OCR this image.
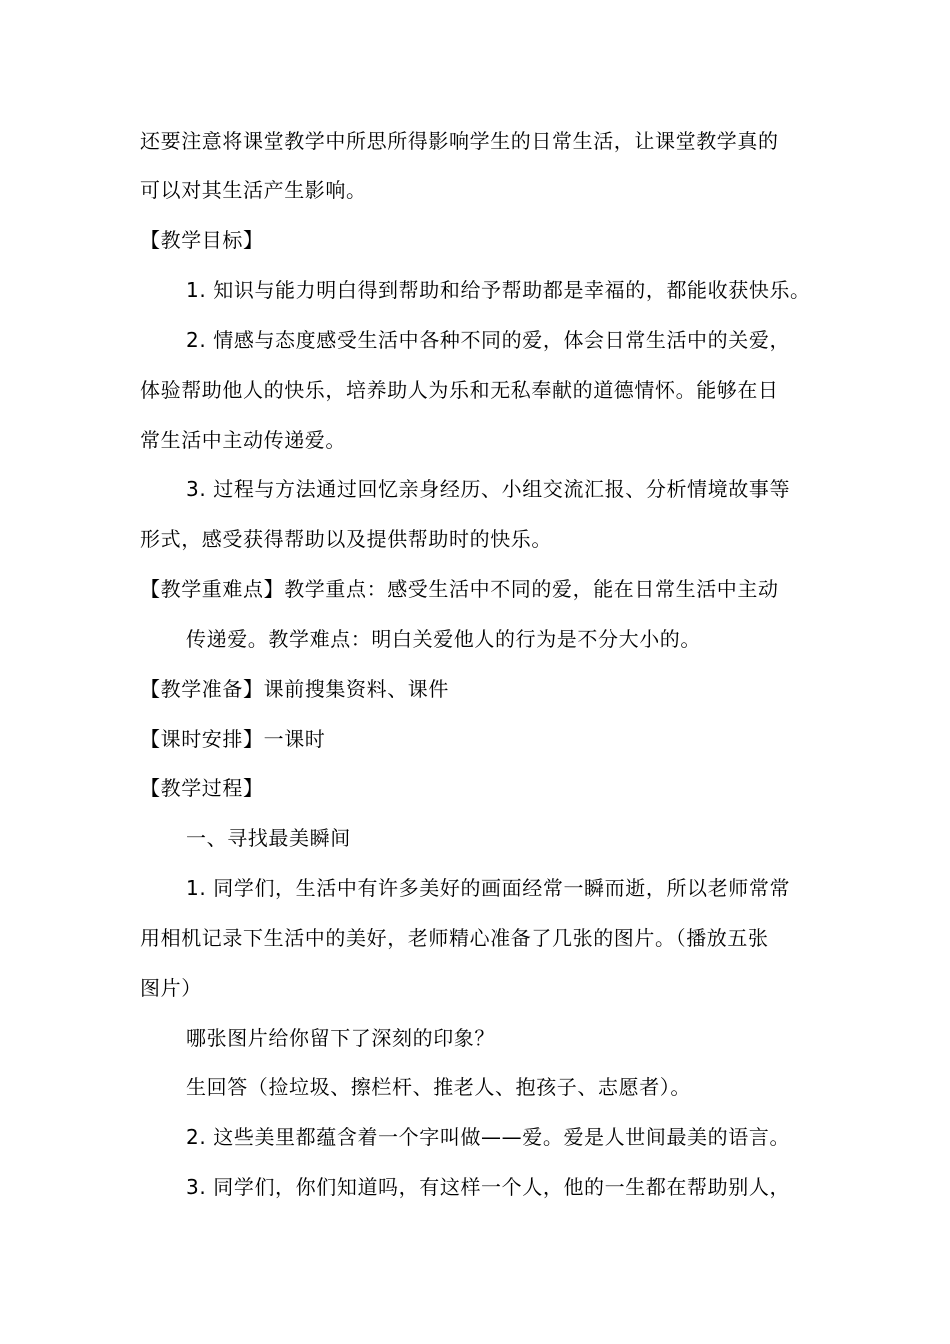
还要注意将课堂教学中所思所得影响学生的日常生活，让课堂教学真的
可以对其生活产生影响。
【教学目标】
1. 知识与能力明白得到帮助和给予帮助都是幸福的，都能收获快乐。
2. 情感与态度感受生活中各种不同的爱，体会日常生活中的关爱，
体验帮助他人的快乐，培养助人为乐和无私奉献的道德情怀。能够在日
常生活中主动传递爱。
3. 过程与方法通过回忆亲身经历、小组交流汇报、分析情境故事等
形式，感受获得帮助以及提供帮助时的快乐。
【教学重难点】教学重点：感受生活中不同的爱，能在日常生活中主动
传递爱。教学难点：明白关爱他人的行为是不分大小的。
【教学准备】课前搜集资料、课件
【课时安排】一课时
【教学过程】
一、寻找最美瞬间
1. 同学们，生活中有许多美好的画面经常一瞬而逝，所以老师常常
用相机记录下生活中的美好，老师精心准备了几张的图片。（播放五张
图片）
哪张图片给你留下了深刻的印象？
生回答（捡垃圾、擦栏杆、推老人、抱孩子、志愿者）。
2. 这些美里都蕴含着一个字叫做——爱。爱是人世间最美的语言。
3. 同学们，你们知道吗，有这样一个人，他的一生都在帮助别人，
